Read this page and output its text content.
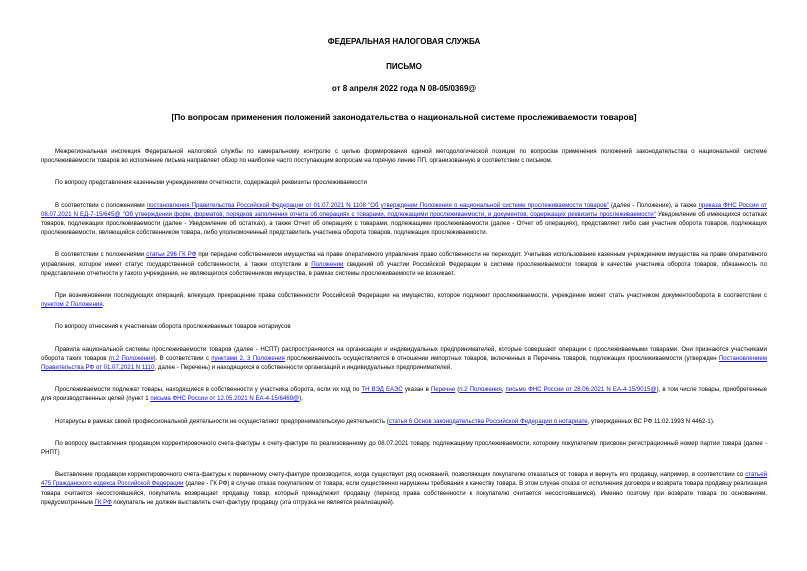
ФЕДЕРАЛЬНАЯ НАЛОГОВАЯ СЛУЖБА
ПИСЬМО
от 8 апреля 2022 года N 08-05/0369@
[По вопросам применения положений законодательства о национальной системе прослеживаемости товаров]

Межрегиональная инспекция Федеральной налоговой службы по камеральному контролю с целью формирования единой методологической позиции по вопросам применения положений законодательства о национальной системе прослеживаемости товаров во исполнение письма направляет обзор по наиболее часто поступающим вопросам на горячую линию ПП, организованную в соответствии с письмом.

По вопросу представления казенными учреждениями отчетности, содержащей реквизиты прослеживаемости

В соответствии с положениями постановления Правительства Российской Федерации от 01.07.2021 N 1108 "Об утверждении Положения о национальной системе прослеживаемости товаров" (далее - Положение), а также приказа ФНС России от 08.07.2021 N ЕД-7-15/645@ "Об утверждении форм, форматов, порядков заполнения отчета об операциях с товарами, подлежащими прослеживаемости, и документов, содержащих реквизиты прослеживаемости" Уведомление об имеющихся остатках товаров, подлежащих прослеживаемости (далее - Уведомление об остатках), а также Отчет об операциях с товарами, подлежащими прослеживаемости (далее - Отчет об операциях), представляет либо сам участник оборота товаров, подлежащих прослеживаемости, являющийся собственником товара, либо уполномоченный представитель участника оборота товаров, подлежащих прослеживаемости.

В соответствии с положениями статьи 296 ГК РФ при передаче собственником имущества на праве оперативного управления право собственности не переходит. Учитывая использование казенным учреждением имущества на праве оперативного управления, которое имеет статус государственной собственности, а также отсутствие в Положении сведений об участии Российской Федерации в системе прослеживаемости товаров в качестве участника оборота товаров, обязанность по представлению отчетности у такого учреждения, не являющегося собственником имущества, в рамках системы прослеживаемости не возникает.

При возникновении последующих операций, влекущих прекращение права собственности Российской Федерации на имущество, которое подлежит прослеживаемости, учреждение может стать участником документооборота в соответствии с пунктом 2 Положения.

По вопросу отнесения к участникам оборота прослеживаемых товаров нотариусов

Правила национальной системы прослеживаемости товаров (далее - НСПТ) распространяются на организации и индивидуальных предпринимателей, которые совершают операции с прослеживаемыми товарами. Они признаются участниками оборота таких товаров (п.2 Положения). В соответствии с пунктами 2, 3 Положения прослеживаемость осуществляется в отношении импортных товаров, включенных в Перечень товаров, подлежащих прослеживаемости (утвержден Постановлением Правительства РФ от 01.07.2021 N 1110, далее - Перечень) и находящихся в собственности организаций и индивидуальных предпринимателей.

Прослеживаемости подлежат товары, находящиеся в собственности у участника оборота, если их код по ТН ВЭД ЕАЭС указан в Перечне (п.2 Положения, письмо ФНС России от 28.06.2021 N ЕА-4-15/9015@), в том числе товары, приобретенные для производственных целей (пункт 1 письма ФНС России от 12.05.2021 N ЕА-4-15/6469@).

Нотариусы в рамках своей профессиональной деятельности не осуществляют предпринимательскую деятельность (статья 6 Основ законодательства Российской Федерации о нотариате, утвержденных ВС РФ 11.02.1993 N 4462-1).

По вопросу выставления продавцом корректировочного счета-фактуры к счету-фактуре по реализованному до 08.07.2021 товару, подлежащему прослеживаемости, которому покупателем присвоен регистрационный номер партии товара (далее - РНПТ)

Выставление продавцом корректировочного счета-фактуры к первичному счету-фактуре производится, когда существует ряд оснований, позволяющих покупателю отказаться от товара и вернуть его продавцу, например, в соответствии со статьей 475 Гражданского кодекса Российской Федерации (далее - ГК РФ) в случае отказа покупателем от товара, если существенно нарушены требования к качеству товара. В этом случае отказа от исполнения договора и возврата товара продавцу реализация товара считается несостоявшейся, покупатель возвращает продавцу товар, который принадлежит продавцу (переход права собственности к покупателю считается несостоявшимся). Именно поэтому при возврате товара по основаниям, предусмотренным ГК РФ покупатель не должен выставлять счет-фактуру продавцу (эта отгрузка не является реализацией).
